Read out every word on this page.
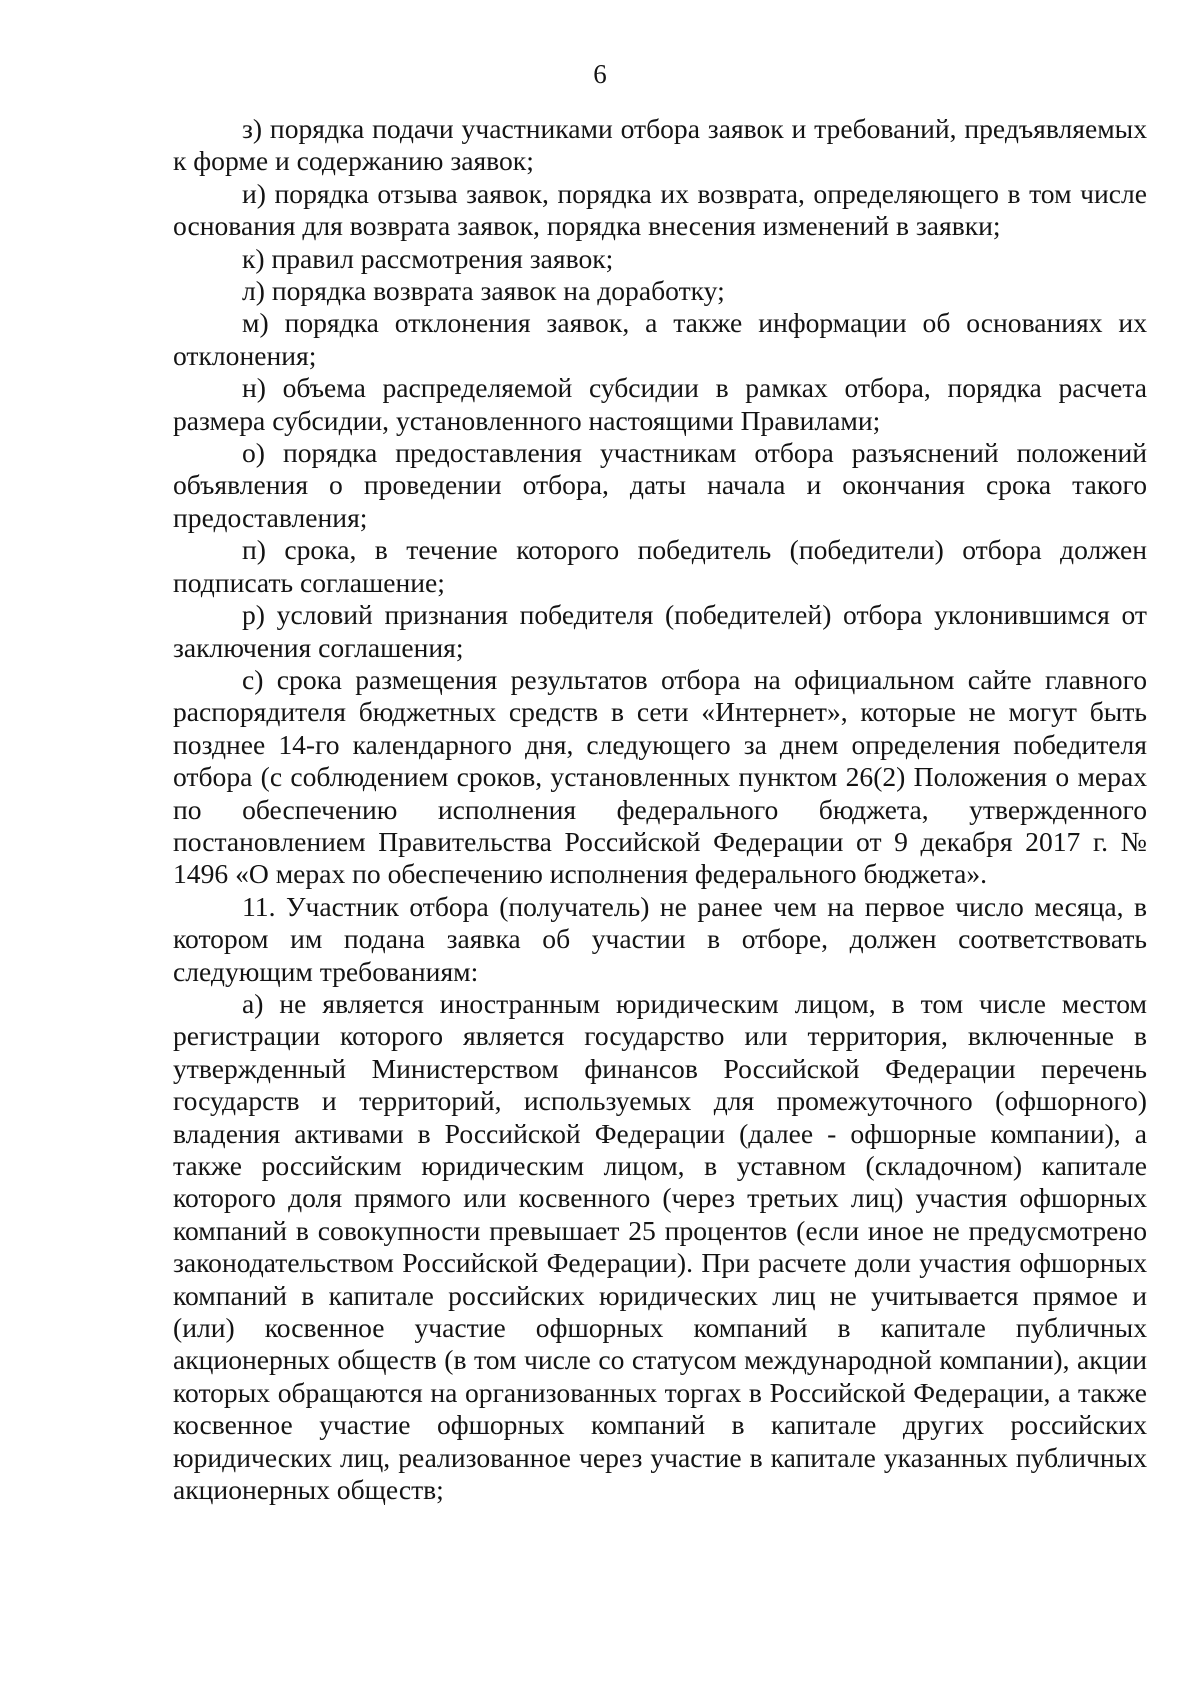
6

з) порядка подачи участниками отбора заявок и требований, предъявляемых к форме и содержанию заявок;

и) порядка отзыва заявок, порядка их возврата, определяющего в том числе основания для возврата заявок, порядка внесения изменений в заявки;

к) правил рассмотрения заявок;

л) порядка возврата заявок на доработку;

м) порядка отклонения заявок, а также информации об основаниях их отклонения;

н) объема распределяемой субсидии в рамках отбора, порядка расчета размера субсидии, установленного настоящими Правилами;

о) порядка предоставления участникам отбора разъяснений положений объявления о проведении отбора, даты начала и окончания срока такого предоставления;

п) срока, в течение которого победитель (победители) отбора должен подписать соглашение;

р) условий признания победителя (победителей) отбора уклонившимся от заключения соглашения;

с) срока размещения результатов отбора на официальном сайте главного распорядителя бюджетных средств в сети «Интернет», которые не могут быть позднее 14-го календарного дня, следующего за днем определения победителя отбора (с соблюдением сроков, установленных пунктом 26(2) Положения о мерах по обеспечению исполнения федерального бюджета, утвержденного постановлением Правительства Российской Федерации от 9 декабря 2017 г. № 1496 «О мерах по обеспечению исполнения федерального бюджета».

11. Участник отбора (получатель) не ранее чем на первое число месяца, в котором им подана заявка об участии в отборе, должен соответствовать следующим требованиям:

а) не является иностранным юридическим лицом, в том числе местом регистрации которого является государство или территория, включенные в утвержденный Министерством финансов Российской Федерации перечень государств и территорий, используемых для промежуточного (офшорного) владения активами в Российской Федерации (далее - офшорные компании), а также российским юридическим лицом, в уставном (складочном) капитале которого доля прямого или косвенного (через третьих лиц) участия офшорных компаний в совокупности превышает 25 процентов (если иное не предусмотрено законодательством Российской Федерации). При расчете доли участия офшорных компаний в капитале российских юридических лиц не учитывается прямое и (или) косвенное участие офшорных компаний в капитале публичных акционерных обществ (в том числе со статусом международной компании), акции которых обращаются на организованных торгах в Российской Федерации, а также косвенное участие офшорных компаний в капитале других российских юридических лиц, реализованное через участие в капитале указанных публичных акционерных обществ;
